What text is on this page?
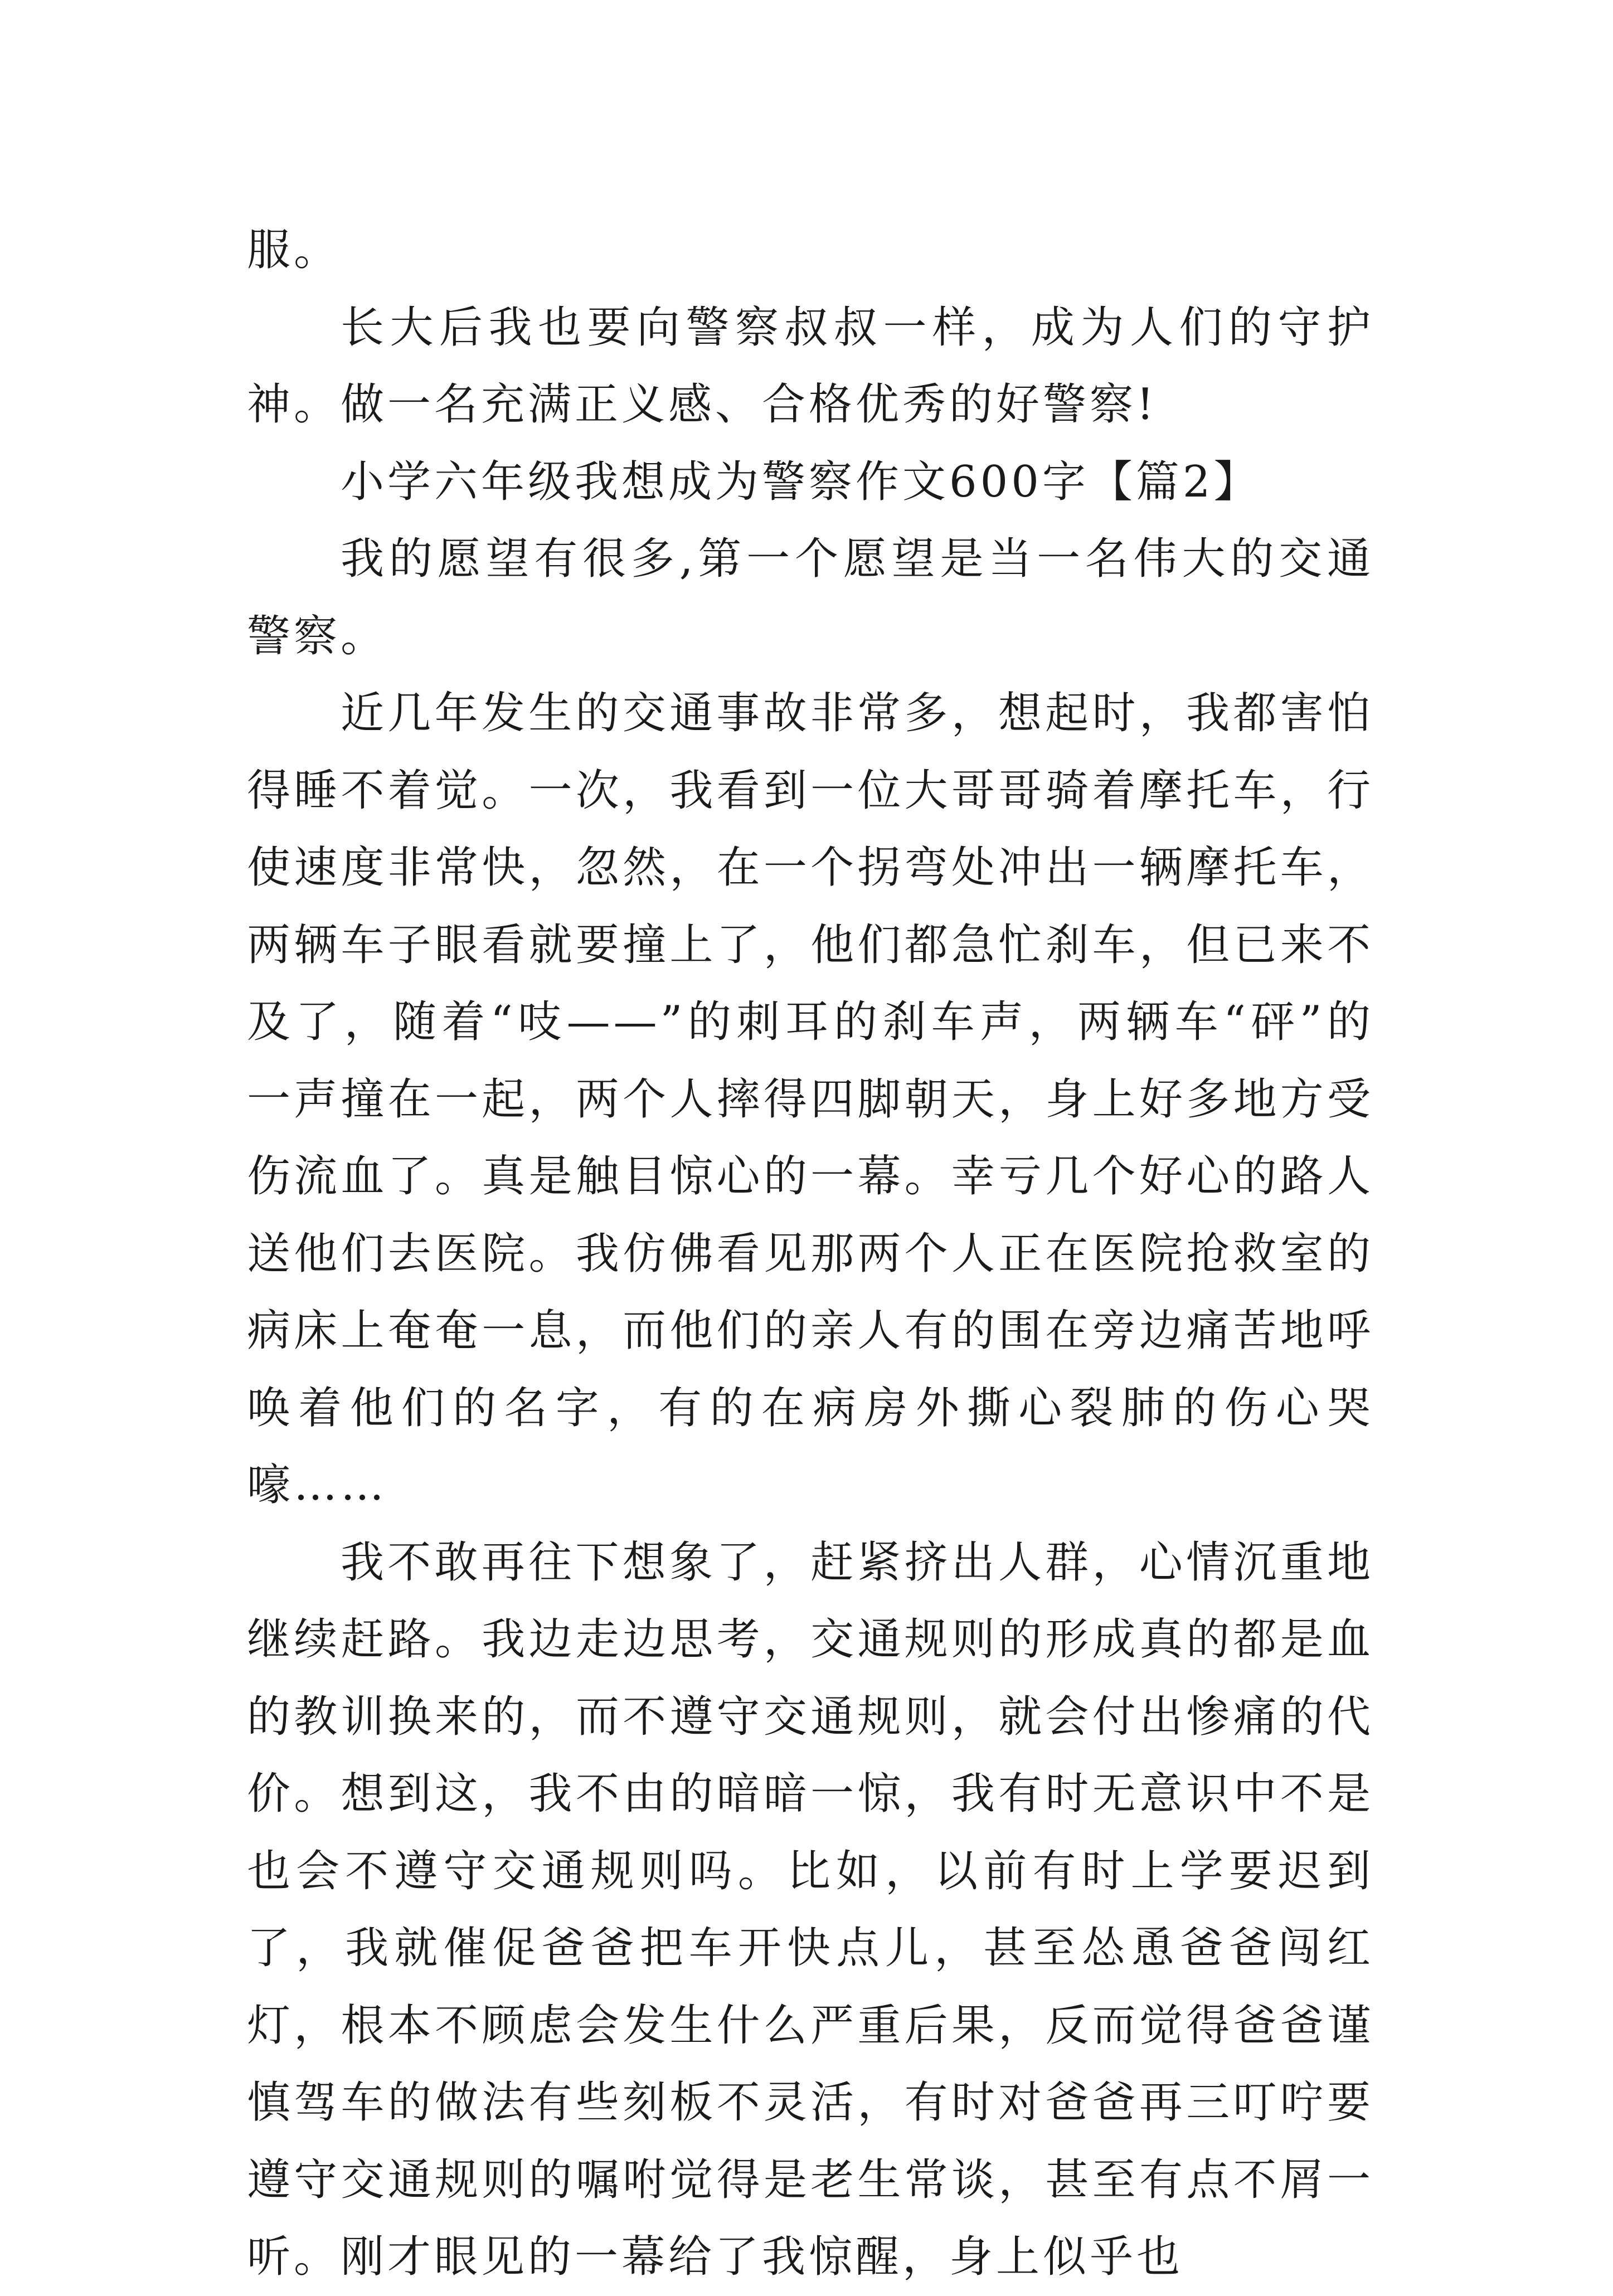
服。

长大后我也要向警察叔叔一样，成为人们的守护神。做一名充满正义感、合格优秀的好警察!

小学六年级我想成为警察作文600字【篇2】

我的愿望有很多,第一个愿望是当一名伟大的交通警察。

近几年发生的交通事故非常多，想起时，我都害怕得睡不着觉。一次，我看到一位大哥哥骑着摩托车，行使速度非常快，忽然，在一个拐弯处冲出一辆摩托车，两辆车子眼看就要撞上了，他们都急忙刹车，但已来不及了，随着“吱——”的刺耳的刹车声，两辆车“砰”的一声撞在一起，两个人摔得四脚朝天，身上好多地方受伤流血了。真是触目惊心的一幕。幸亏几个好心的路人送他们去医院。我仿佛看见那两个人正在医院抢救室的病床上奄奄一息，而他们的亲人有的围在旁边痛苦地呼唤着他们的名字，有的在病房外撕心裂肺的伤心哭嚎……

我不敢再往下想象了，赶紧挤出人群，心情沉重地继续赶路。我边走边思考，交通规则的形成真的都是血的教训换来的，而不遵守交通规则，就会付出惨痛的代价。想到这，我不由的暗暗一惊，我有时无意识中不是也会不遵守交通规则吗。比如，以前有时上学要迟到了，我就催促爸爸把车开快点儿，甚至怂恿爸爸闯红灯，根本不顾虑会发生什么严重后果，反而觉得爸爸谨慎驾车的做法有些刻板不灵活，有时对爸爸再三叮咛要遵守交通规则的嘱咐觉得是老生常谈，甚至有点不屑一听。刚才眼见的一幕给了我惊醒，身上似乎也
